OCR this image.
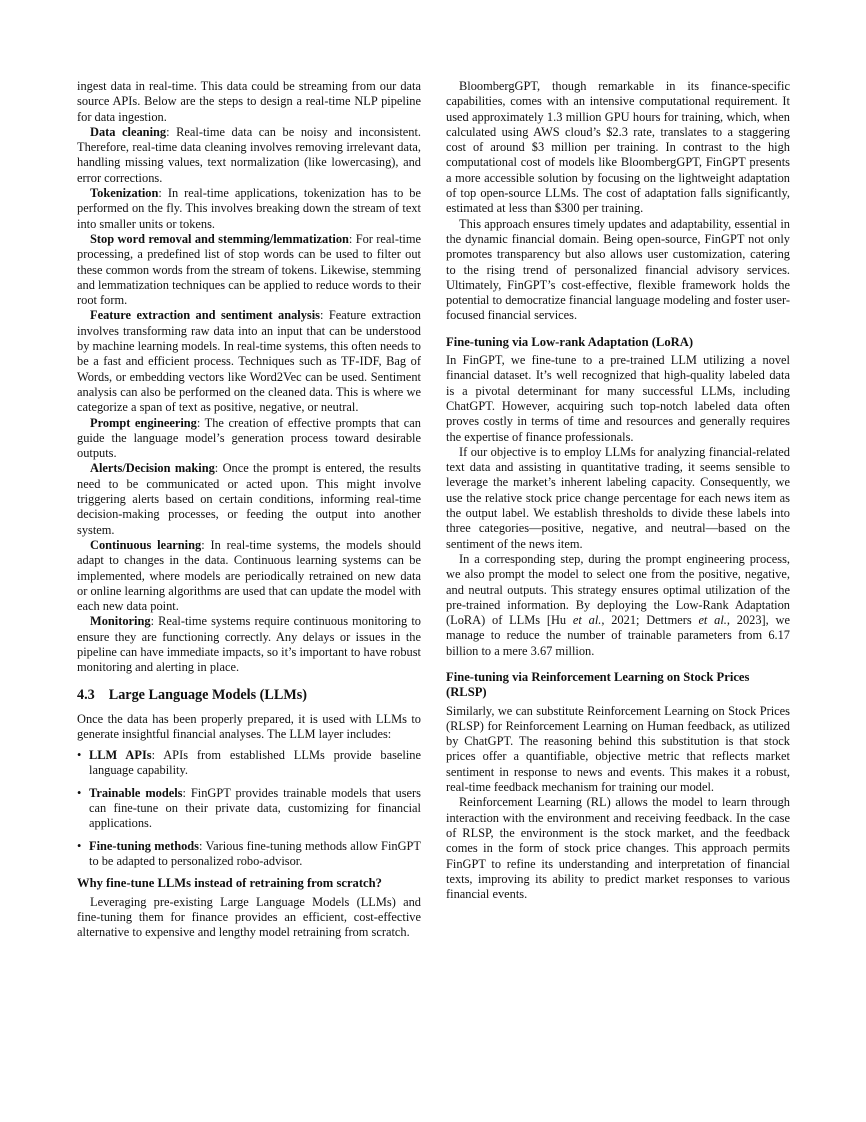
ingest data in real-time. This data could be streaming from our data source APIs. Below are the steps to design a real-time NLP pipeline for data ingestion.

Data cleaning: Real-time data can be noisy and inconsistent. Therefore, real-time data cleaning involves removing irrelevant data, handling missing values, text normalization (like lowercasing), and error corrections.

Tokenization: In real-time applications, tokenization has to be performed on the fly. This involves breaking down the stream of text into smaller units or tokens.

Stop word removal and stemming/lemmatization: For real-time processing, a predefined list of stop words can be used to filter out these common words from the stream of tokens. Likewise, stemming and lemmatization techniques can be applied to reduce words to their root form.

Feature extraction and sentiment analysis: Feature extraction involves transforming raw data into an input that can be understood by machine learning models. In real-time systems, this often needs to be a fast and efficient process. Techniques such as TF-IDF, Bag of Words, or embedding vectors like Word2Vec can be used. Sentiment analysis can also be performed on the cleaned data. This is where we categorize a span of text as positive, negative, or neutral.

Prompt engineering: The creation of effective prompts that can guide the language model’s generation process toward desirable outputs.

Alerts/Decision making: Once the prompt is entered, the results need to be communicated or acted upon. This might involve triggering alerts based on certain conditions, informing real-time decision-making processes, or feeding the output into another system.

Continuous learning: In real-time systems, the models should adapt to changes in the data. Continuous learning systems can be implemented, where models are periodically retrained on new data or online learning algorithms are used that can update the model with each new data point.

Monitoring: Real-time systems require continuous monitoring to ensure they are functioning correctly. Any delays or issues in the pipeline can have immediate impacts, so it’s important to have robust monitoring and alerting in place.

4.3 Large Language Models (LLMs)

Once the data has been properly prepared, it is used with LLMs to generate insightful financial analyses. The LLM layer includes:

• LLM APIs: APIs from established LLMs provide baseline language capability.
• Trainable models: FinGPT provides trainable models that users can fine-tune on their private data, customizing for financial applications.
• Fine-tuning methods: Various fine-tuning methods allow FinGPT to be adapted to personalized robo-advisor.
Why fine-tune LLMs instead of retraining from scratch?

Leveraging pre-existing Large Language Models (LLMs) and fine-tuning them for finance provides an efficient, cost-effective alternative to expensive and lengthy model retraining from scratch.

BloombergGPT, though remarkable in its finance-specific capabilities, comes with an intensive computational requirement. It used approximately 1.3 million GPU hours for training, which, when calculated using AWS cloud’s $2.3 rate, translates to a staggering cost of around $3 million per training. In contrast to the high computational cost of models like BloombergGPT, FinGPT presents a more accessible solution by focusing on the lightweight adaptation of top open-source LLMs. The cost of adaptation falls significantly, estimated at less than $300 per training.

This approach ensures timely updates and adaptability, essential in the dynamic financial domain. Being open-source, FinGPT not only promotes transparency but also allows user customization, catering to the rising trend of personalized financial advisory services. Ultimately, FinGPT’s cost-effective, flexible framework holds the potential to democratize financial language modeling and foster user-focused financial services.

Fine-tuning via Low-rank Adaptation (LoRA)

In FinGPT, we fine-tune to a pre-trained LLM utilizing a novel financial dataset. It’s well recognized that high-quality labeled data is a pivotal determinant for many successful LLMs, including ChatGPT. However, acquiring such top-notch labeled data often proves costly in terms of time and resources and generally requires the expertise of finance professionals.

If our objective is to employ LLMs for analyzing financial-related text data and assisting in quantitative trading, it seems sensible to leverage the market’s inherent labeling capacity. Consequently, we use the relative stock price change percentage for each news item as the output label. We establish thresholds to divide these labels into three categories—positive, negative, and neutral—based on the sentiment of the news item.

In a corresponding step, during the prompt engineering process, we also prompt the model to select one from the positive, negative, and neutral outputs. This strategy ensures optimal utilization of the pre-trained information. By deploying the Low-Rank Adaptation (LoRA) of LLMs [Hu et al., 2021; Dettmers et al., 2023], we manage to reduce the number of trainable parameters from 6.17 billion to a mere 3.67 million.

Fine-tuning via Reinforcement Learning on Stock Prices (RLSP)

Similarly, we can substitute Reinforcement Learning on Stock Prices (RLSP) for Reinforcement Learning on Human feedback, as utilized by ChatGPT. The reasoning behind this substitution is that stock prices offer a quantifiable, objective metric that reflects market sentiment in response to news and events. This makes it a robust, real-time feedback mechanism for training our model.

Reinforcement Learning (RL) allows the model to learn through interaction with the environment and receiving feedback. In the case of RLSP, the environment is the stock market, and the feedback comes in the form of stock price changes. This approach permits FinGPT to refine its understanding and interpretation of financial texts, improving its ability to predict market responses to various financial events.
